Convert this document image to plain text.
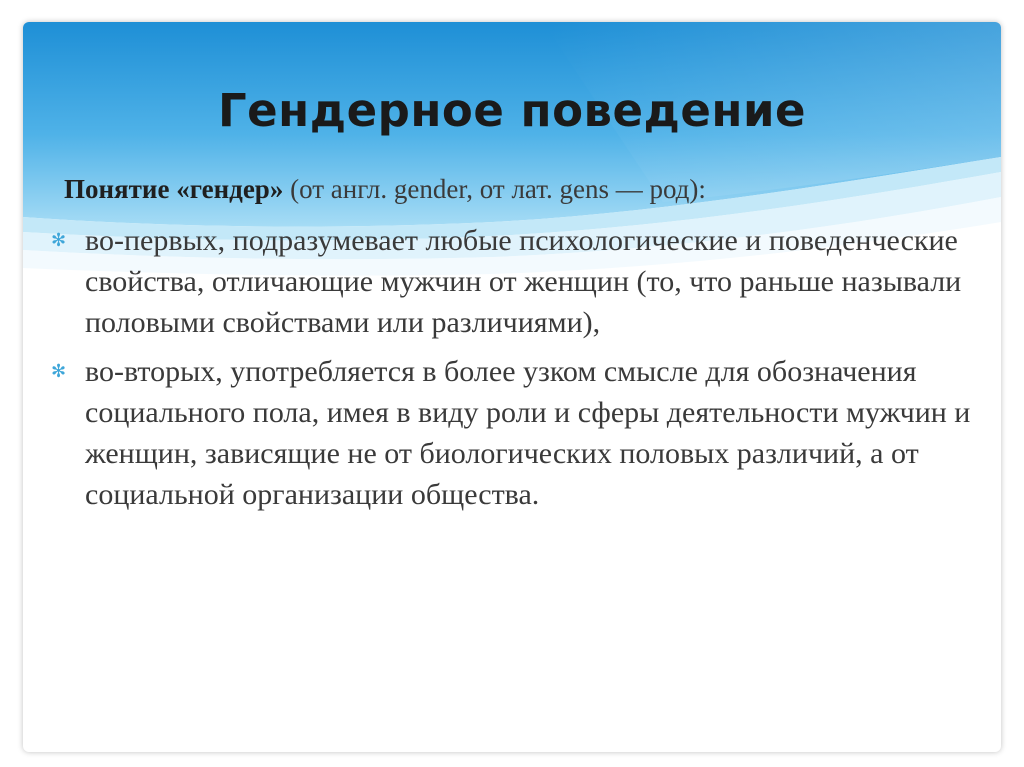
Гендерное поведение

Понятие «гендер» (от англ. gender, от лат. gens — род):

✻ во-первых, подразумевает любые психологические и поведенческие свойства, отличающие мужчин от женщин (то, что раньше называли половыми свойствами или различиями),
✻ во-вторых, употребляется в более узком смысле для обозначения социального пола, имея в виду роли и сферы деятельности мужчин и женщин, зависящие не от биологических половых различий, а от социальной организации общества.
